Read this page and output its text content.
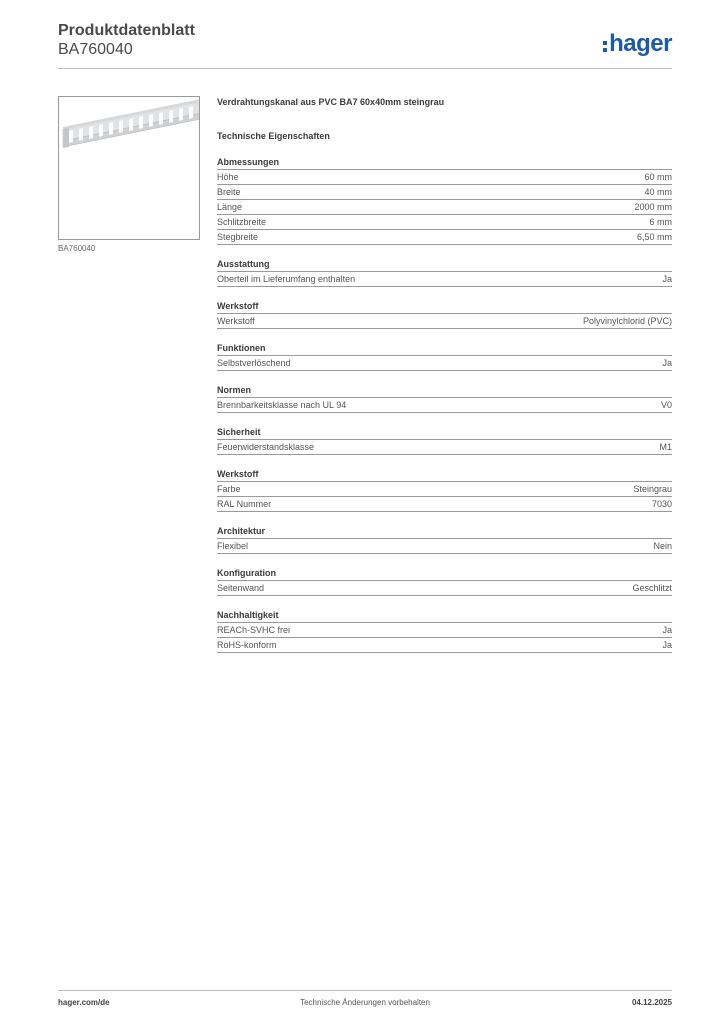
Produktdatenblatt
BA760040	hager
BA760040
Verdrahtungskanal aus PVC BA7 60x40mm steingrau
Technische Eigenschaften
Abmessungen
Höhe	60 mm
Breite	40 mm
Länge	2000 mm
Schlitzbreite	6 mm
Stegbreite	6,50 mm
Ausstattung
Oberteil im Lieferumfang enthalten	Ja
Werkstoff
Werkstoff	Polyvinylchlorid (PVC)
Funktionen
Selbstverlöschend	Ja
Normen
Brennbarkeitsklasse nach UL 94	V0
Sicherheit
Feuerwiderstandsklasse	M1
Werkstoff
Farbe	Steingrau
RAL Nummer	7030
Architektur
Flexibel	Nein
Konfiguration
Seitenwand	Geschlitzt
Nachhaltigkeit
REACh-SVHC frei	Ja
RoHS-konform	Ja
hager.com/de	Technische Änderungen vorbehalten	04.12.2025
